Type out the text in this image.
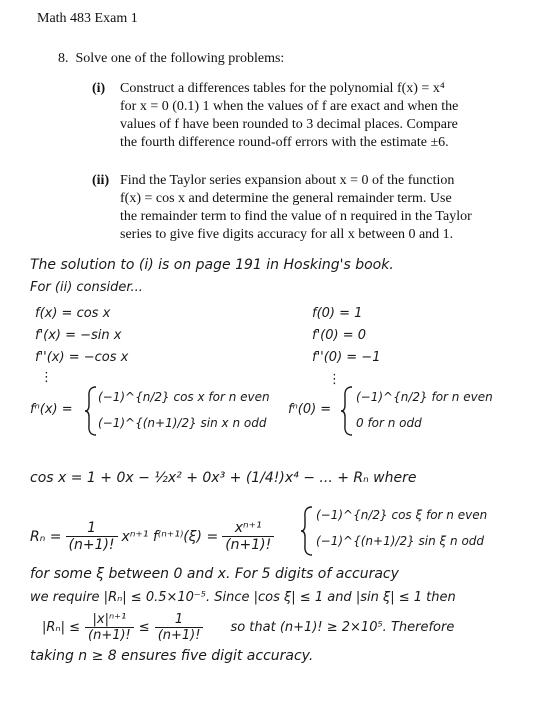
Math 483 Exam 1
8. Solve one of the following problems:
(i) Construct a differences tables for the polynomial f(x) = x⁴
for x = 0 (0.1) 1 when the values of f are exact and when the
values of f have been rounded to 3 decimal places. Compare
the fourth difference round-off errors with the estimate ±6.
(ii) Find the Taylor series expansion about x = 0 of the function
f(x) = cos x and determine the general remainder term. Use
the remainder term to find the value of n required in the Taylor
series to give five digits accuracy for all x between 0 and 1.
The solution to (i) is on page 191 in Hosking's book.
For (ii) consider...
f(x) = cos x
f'(x) = −sin x
f''(x) = −cos x
⋮
f(0) = 1
f'(0) = 0
f''(0) = −1
⋮
fⁿ(x) =
(−1)^{n/2} cos x for n even
(−1)^{(n+1)/2} sin x n odd
fⁿ(0) =
(−1)^{n/2} for n even
0 for n odd
cos x = 1 + 0x − ½x² + 0x³ + (1/4!)x⁴ − ... + Rₙ where
$R_n = \frac{1}{(n+1)!} x^{n+1}$ $f^{(n+1)}(\xi) = \frac{\text{xⁿ⁺¹}}{(n+1)!}$
(−1)^{n/2} cos ξ for n even
(−1)^{(n+1)/2} sin ξ n odd
for some ξ between 0 and x. For 5 digits of accuracy
we require |Rₙ| ≤ 0.5×10⁻⁵. Since |cos ξ| ≤ 1 and |sin ξ| ≤ 1 then
$|R_n| \le \frac{\text{|x|ⁿ⁺¹}}{(n+1)!} \le \frac{1}{(n+1)!}$ so that (n+1)! ≥ 2×10⁵. Therefore
taking n ≥ 8 ensures five digit accuracy.
